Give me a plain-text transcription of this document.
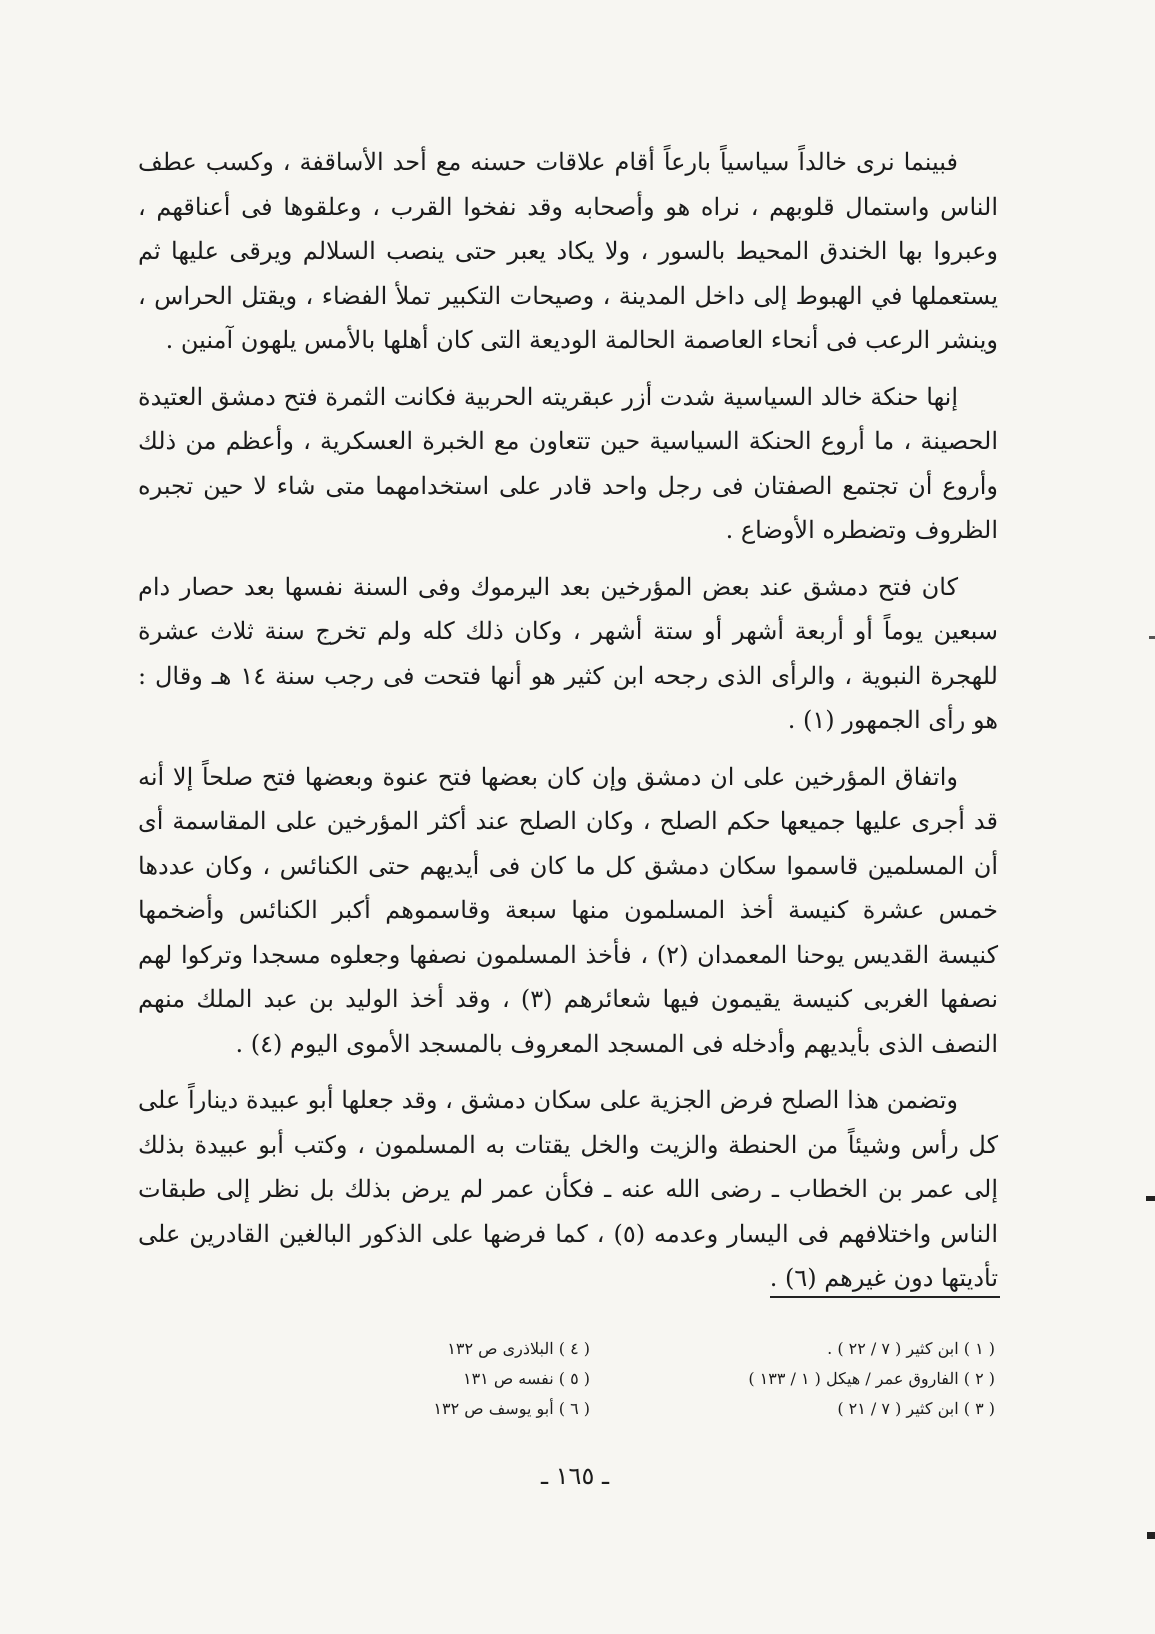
فبينما نرى خالداً سياسياً بارعاً أقام علاقات حسنه مع أحد الأساقفة ، وكسب عطف الناس واستمال قلوبهم ، نراه هو وأصحابه وقد نفخوا القرب ، وعلقوها فى أعناقهم ، وعبروا بها الخندق المحيط بالسور ، ولا يكاد يعبر حتى ينصب السلالم ويرقى عليها ثم يستعملها في الهبوط إلى داخل المدينة ، وصيحات التكبير تملأ الفضاء ، ويقتل الحراس ، وينشر الرعب فى أنحاء العاصمة الحالمة الوديعة التى كان أهلها بالأمس يلهون آمنين .

إنها حنكة خالد السياسية شدت أزر عبقريته الحربية فكانت الثمرة فتح دمشق العتيدة الحصينة ، ما أروع الحنكة السياسية حين تتعاون مع الخبرة العسكرية ، وأعظم من ذلك وأروع أن تجتمع الصفتان فى رجل واحد قادر على استخدامهما متى شاء لا حين تجبره الظروف وتضطره الأوضاع .

كان فتح دمشق عند بعض المؤرخين بعد اليرموك وفى السنة نفسها بعد حصار دام سبعين يوماً أو أربعة أشهر أو ستة أشهر ، وكان ذلك كله ولم تخرج سنة ثلاث عشرة للهجرة النبوية ، والرأى الذى رجحه ابن كثير هو أنها فتحت فى رجب سنة ١٤ هـ وقال : هو رأى الجمهور (١) .

واتفاق المؤرخين على ان دمشق وإن كان بعضها فتح عنوة وبعضها فتح صلحاً إلا أنه قد أجرى عليها جميعها حكم الصلح ، وكان الصلح عند أكثر المؤرخين على المقاسمة أى أن المسلمين قاسموا سكان دمشق كل ما كان فى أيديهم حتى الكنائس ، وكان عددها خمس عشرة كنيسة أخذ المسلمون منها سبعة وقاسموهم أكبر الكنائس وأضخمها كنيسة القديس يوحنا المعمدان (٢) ، فأخذ المسلمون نصفها وجعلوه مسجدا وتركوا لهم نصفها الغربى كنيسة يقيمون فيها شعائرهم (٣) ، وقد أخذ الوليد بن عبد الملك منهم النصف الذى بأيديهم وأدخله فى المسجد المعروف بالمسجد الأموى اليوم (٤) .

وتضمن هذا الصلح فرض الجزية على سكان دمشق ، وقد جعلها أبو عبيدة ديناراً على كل رأس وشيئاً من الحنطة والزيت والخل يقتات به المسلمون ، وكتب أبو عبيدة بذلك إلى عمر بن الخطاب ـ رضى الله عنه ـ فكأن عمر لم يرض بذلك بل نظر إلى طبقات الناس واختلافهم فى اليسار وعدمه (٥) ، كما فرضها على الذكور البالغين القادرين على تأديتها دون غيرهم (٦) .

( ١ ) ابن كثير ( ٧ / ٢٢ ) .
( ٢ ) الفاروق عمر / هيكل ( ١ / ١٣٣ )
( ٣ ) ابن كثير ( ٧ / ٢١ )
( ٤ ) البلاذرى ص ١٣٢
( ٥ ) نفسه ص ١٣١
( ٦ ) أبو يوسف ص ١٣٢
ـ ١٦٥ ـ
